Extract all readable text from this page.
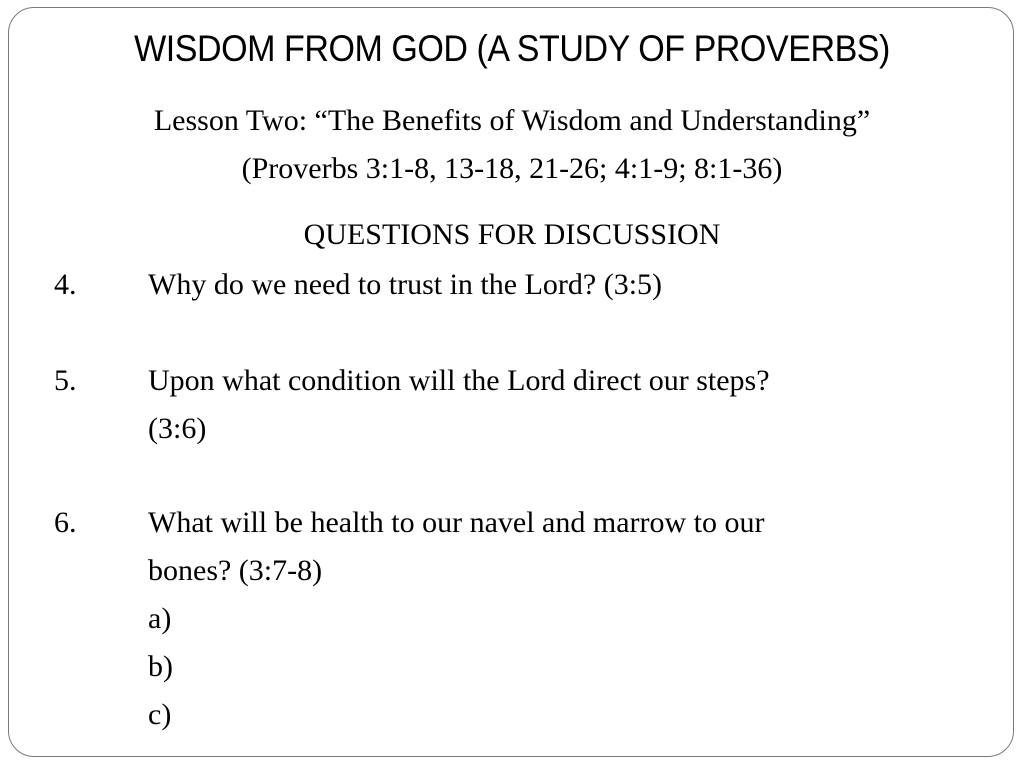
WISDOM FROM GOD (A STUDY OF PROVERBS)
Lesson Two: “The Benefits of Wisdom and Understanding”
(Proverbs 3:1-8, 13-18, 21-26; 4:1-9; 8:1-36)
QUESTIONS FOR DISCUSSION
4. Why do we need to trust in the Lord? (3:5)
5. Upon what condition will the Lord direct our steps?
(3:6)
6. What will be health to our navel and marrow to our
bones? (3:7-8)
a)
b)
c)
